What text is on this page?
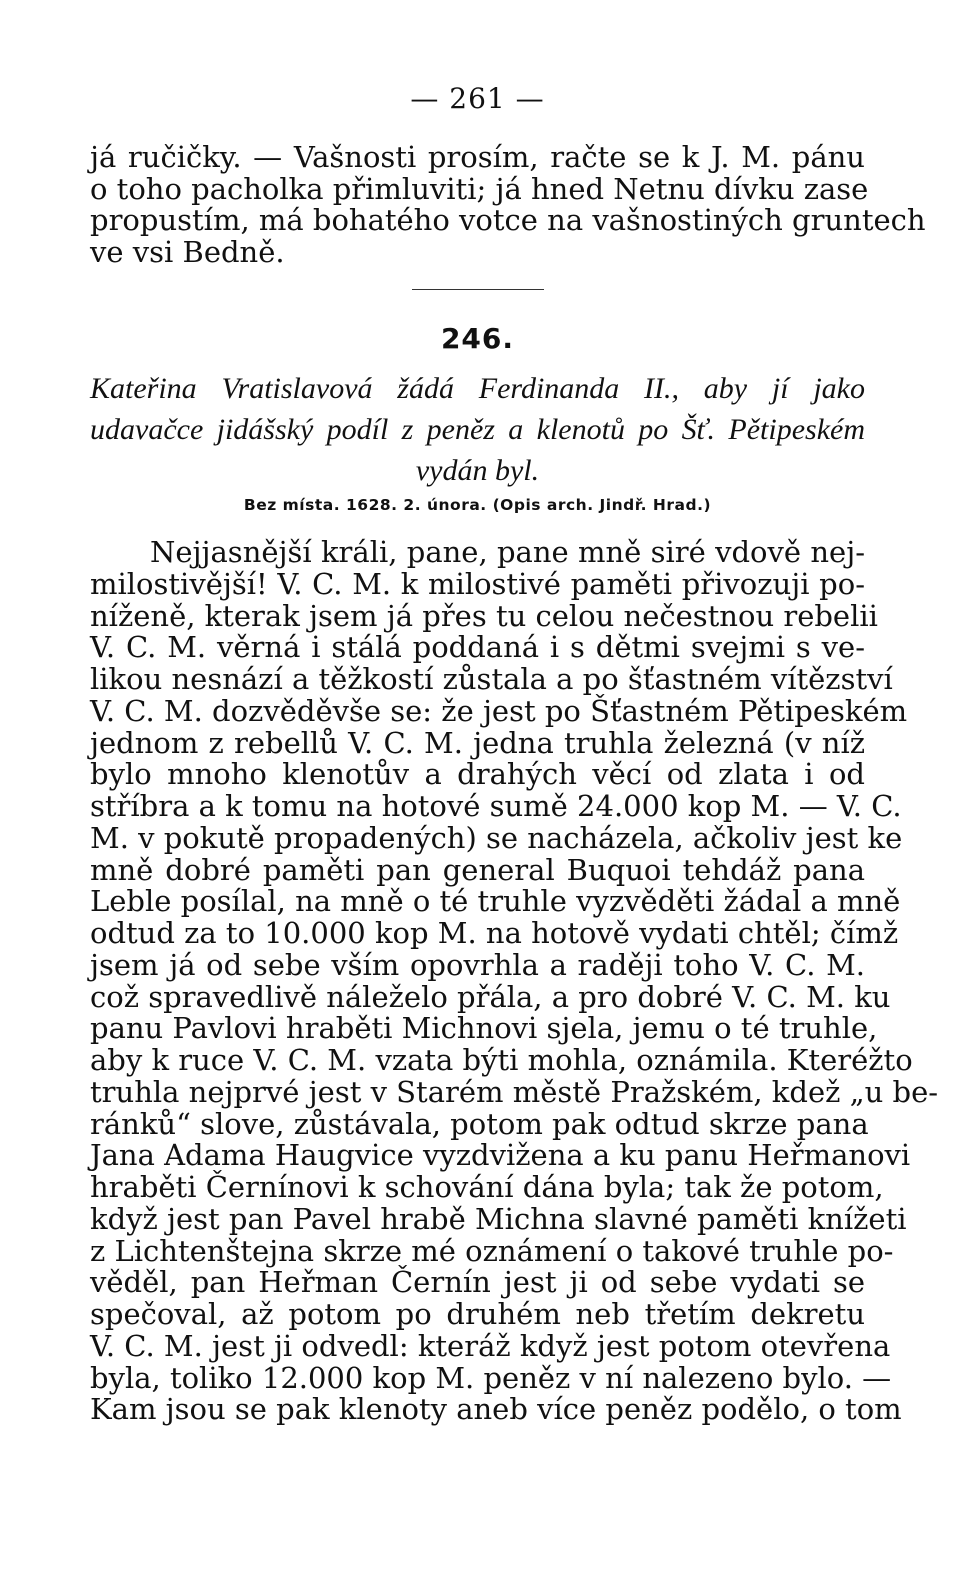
— 261 —
já ručičky. — Vašnosti prosím, račte se k J. M. pánu
o toho pacholka přimluviti; já hned Netnu dívku zase
propustím, má bohatého votce na vašnostiných gruntech
ve vsi Bedně.
246.
Kateřina Vratislavová žádá Ferdinanda II., aby jí jako
udavačce jidášský podíl z peněz a klenotů po Šť. Pětipeském
vydán byl.
Bez místa. 1628. 2. února. (Opis arch. Jindř. Hrad.)
Nejjasnější králi, pane, pane mně siré vdově nej-
milostivější! V. C. M. k milostivé paměti přivozuji po-
níženě, kterak jsem já přes tu celou nečestnou rebelii
V. C. M. věrná i stálá poddaná i s dětmi svejmi s ve-
likou nesnází a těžkostí zůstala a po šťastném vítězství
V. C. M. dozvěděvše se: že jest po Šťastném Pětipeském
jednom z rebellů V. C. M. jedna truhla železná (v níž
bylo mnoho klenotův a drahých věcí od zlata i od
stříbra a k tomu na hotové sumě 24.000 kop M. — V. C.
M. v pokutě propadených) se nacházela, ačkoliv jest ke
mně dobré paměti pan general Buquoi tehdáž pana
Leble posílal, na mně o té truhle vyzvěděti žádal a mně
odtud za to 10.000 kop M. na hotově vydati chtěl; čímž
jsem já od sebe vším opovrhla a raději toho V. C. M.
což spravedlivě náleželo přála, a pro dobré V. C. M. ku
panu Pavlovi hraběti Michnovi sjela, jemu o té truhle,
aby k ruce V. C. M. vzata býti mohla, oznámila. Kteréžto
truhla nejprvé jest v Starém městě Pražském, kdež „u be-
ránků“ slove, zůstávala, potom pak odtud skrze pana
Jana Adama Haugvice vyzdvižena a ku panu Heřmanovi
hraběti Černínovi k schování dána byla; tak že potom,
když jest pan Pavel hrabě Michna slavné paměti knížeti
z Lichtenštejna skrze mé oznámení o takové truhle po-
věděl, pan Heřman Černín jest ji od sebe vydati se
spečoval, až potom po druhém neb třetím dekretu
V. C. M. jest ji odvedl: kteráž když jest potom otevřena
byla, toliko 12.000 kop M. peněz v ní nalezeno bylo. —
Kam jsou se pak klenoty aneb více peněz podělo, o tom
